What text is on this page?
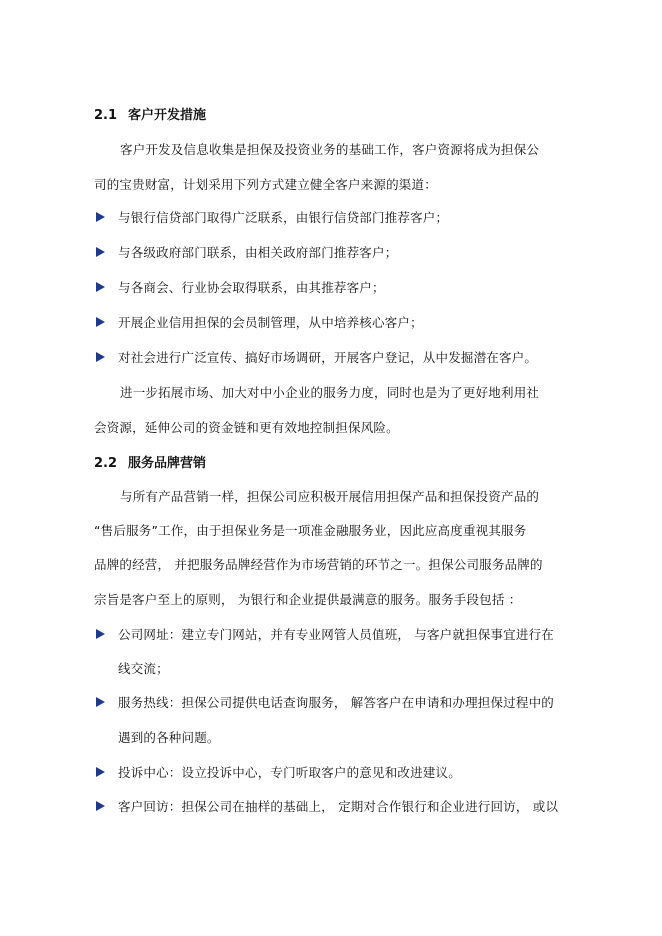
2.1 客户开发措施
客户开发及信息收集是担保及投资业务的基础工作，客户资源将成为担保公
司的宝贵财富，计划采用下列方式建立健全客户来源的渠道：
与银行信贷部门取得广泛联系，由银行信贷部门推荐客户；
与各级政府部门联系，由相关政府部门推荐客户；
与各商会、行业协会取得联系，由其推荐客户；
开展企业信用担保的会员制管理，从中培养核心客户；
对社会进行广泛宣传、搞好市场调研，开展客户登记，从中发掘潜在客户。
进一步拓展市场、加大对中小企业的服务力度，同时也是为了更好地利用社
会资源，延伸公司的资金链和更有效地控制担保风险。
2.2 服务品牌营销
与所有产品营销一样，担保公司应积极开展信用担保产品和担保投资产品的
“售后服务”工作，由于担保业务是一项准金融服务业，因此应高度重视其服务
品牌的经营， 并把服务品牌经营作为市场营销的环节之一。担保公司服务品牌的
宗旨是客户至上的原则， 为银行和企业提供最满意的服务。服务手段包括 ：
公司网址：建立专门网站，并有专业网管人员值班， 与客户就担保事宜进行在
线交流；
服务热线：担保公司提供电话查询服务， 解答客户在申请和办理担保过程中的
遇到的各种问题。
投诉中心：设立投诉中心，专门听取客户的意见和改进建议。
客户回访：担保公司在抽样的基础上， 定期对合作银行和企业进行回访， 或以
